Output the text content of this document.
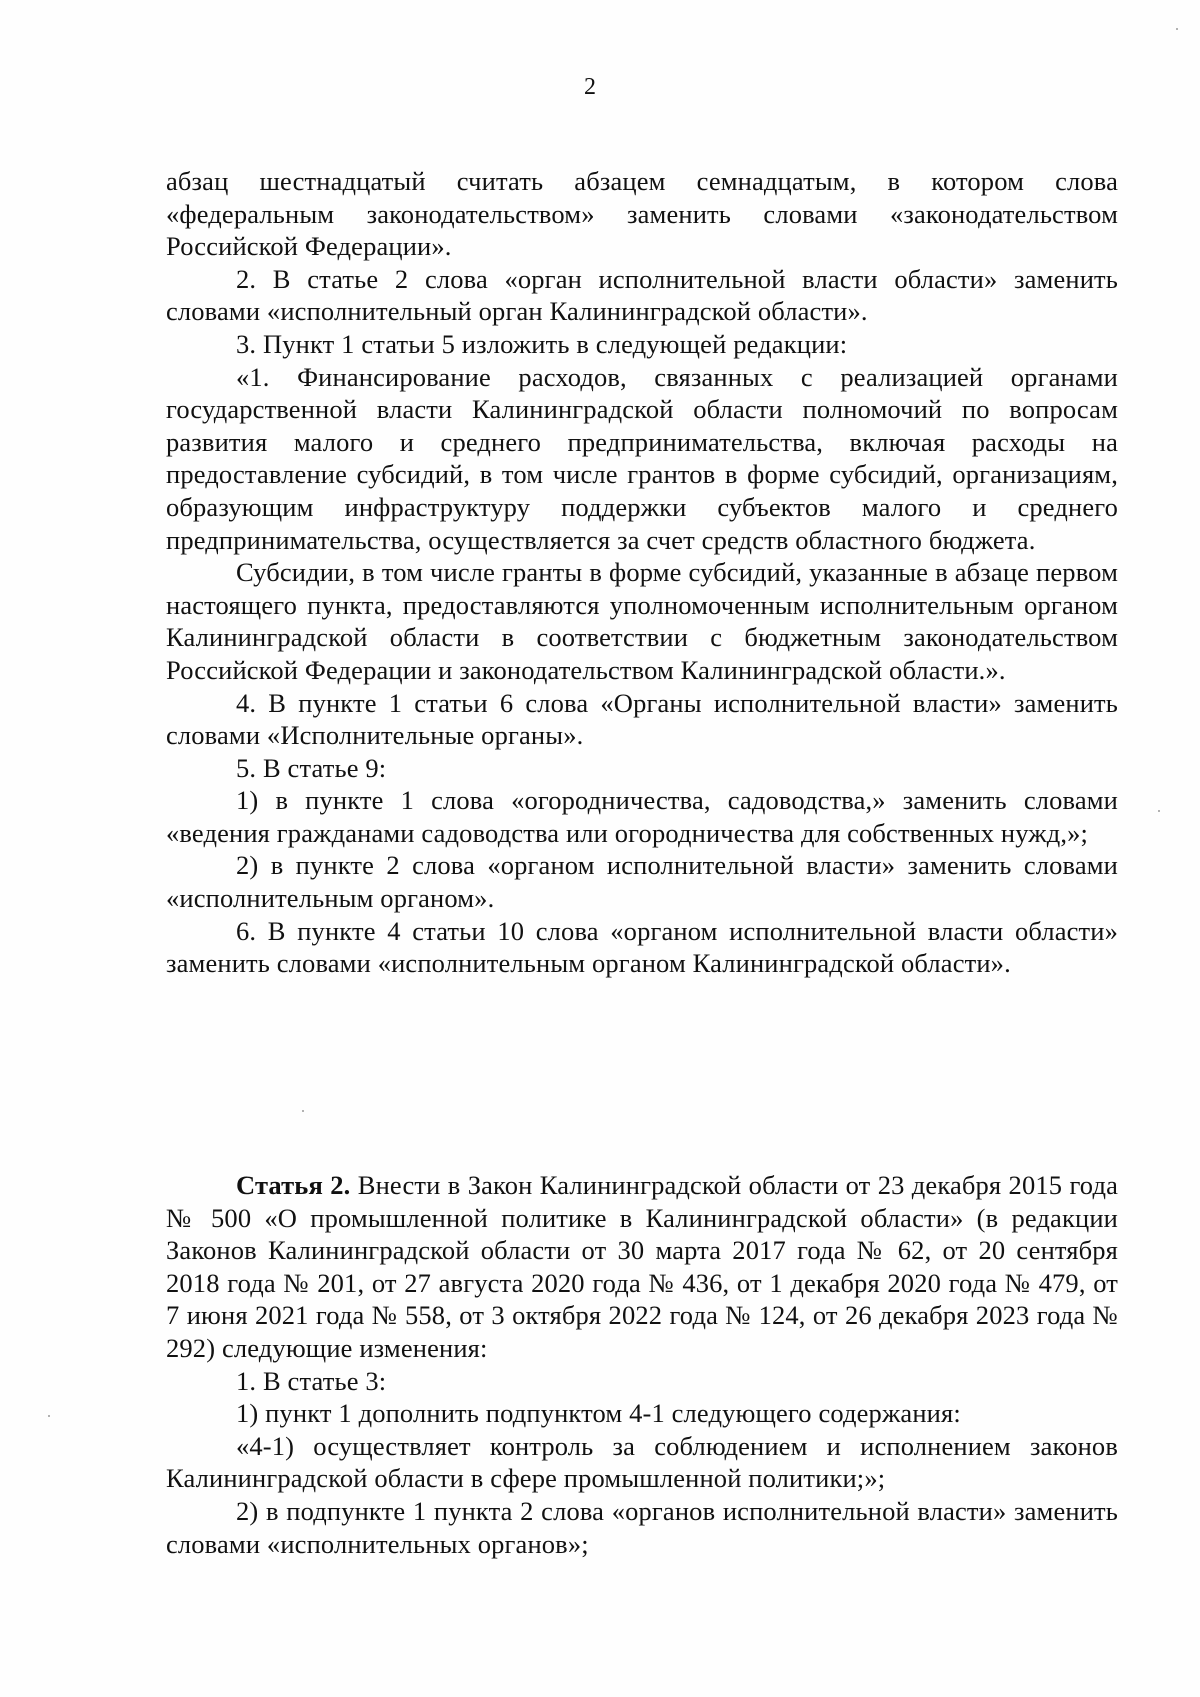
2

абзац шестнадцатый считать абзацем семнадцатым, в котором слова «федеральным законодательством» заменить словами «законодательством Российской Федерации».

2. В статье 2 слова «орган исполнительной власти области» заменить словами «исполнительный орган Калининградской области».

3. Пункт 1 статьи 5 изложить в следующей редакции:

«1. Финансирование расходов, связанных с реализацией органами государственной власти Калининградской области полномочий по вопросам развития малого и среднего предпринимательства, включая расходы на предоставление субсидий, в том числе грантов в форме субсидий, организациям, образующим инфраструктуру поддержки субъектов малого и среднего предпринимательства, осуществляется за счет средств областного бюджета.

Субсидии, в том числе гранты в форме субсидий, указанные в абзаце первом настоящего пункта, предоставляются уполномоченным исполнительным органом Калининградской области в соответствии с бюджетным законодательством Российской Федерации и законодательством Калининградской области.».

4. В пункте 1 статьи 6 слова «Органы исполнительной власти» заменить словами «Исполнительные органы».

5. В статье 9:

1) в пункте 1 слова «огородничества, садоводства,» заменить словами «ведения гражданами садоводства или огородничества для собственных нужд,»;

2) в пункте 2 слова «органом исполнительной власти» заменить словами «исполнительным органом».

6. В пункте 4 статьи 10 слова «органом исполнительной власти области» заменить словами «исполнительным органом Калининградской области».

Статья 2. Внести в Закон Калининградской области от 23 декабря 2015 года № 500 «О промышленной политике в Калининградской области» (в редакции Законов Калининградской области от 30 марта 2017 года № 62, от 20 сентября 2018 года № 201, от 27 августа 2020 года № 436, от 1 декабря 2020 года № 479, от 7 июня 2021 года № 558, от 3 октября 2022 года № 124, от 26 декабря 2023 года № 292) следующие изменения:

1. В статье 3:

1) пункт 1 дополнить подпунктом 4-1 следующего содержания:

«4-1) осуществляет контроль за соблюдением и исполнением законов Калининградской области в сфере промышленной политики;»;

2) в подпункте 1 пункта 2 слова «органов исполнительной власти» заменить словами «исполнительных органов»;
